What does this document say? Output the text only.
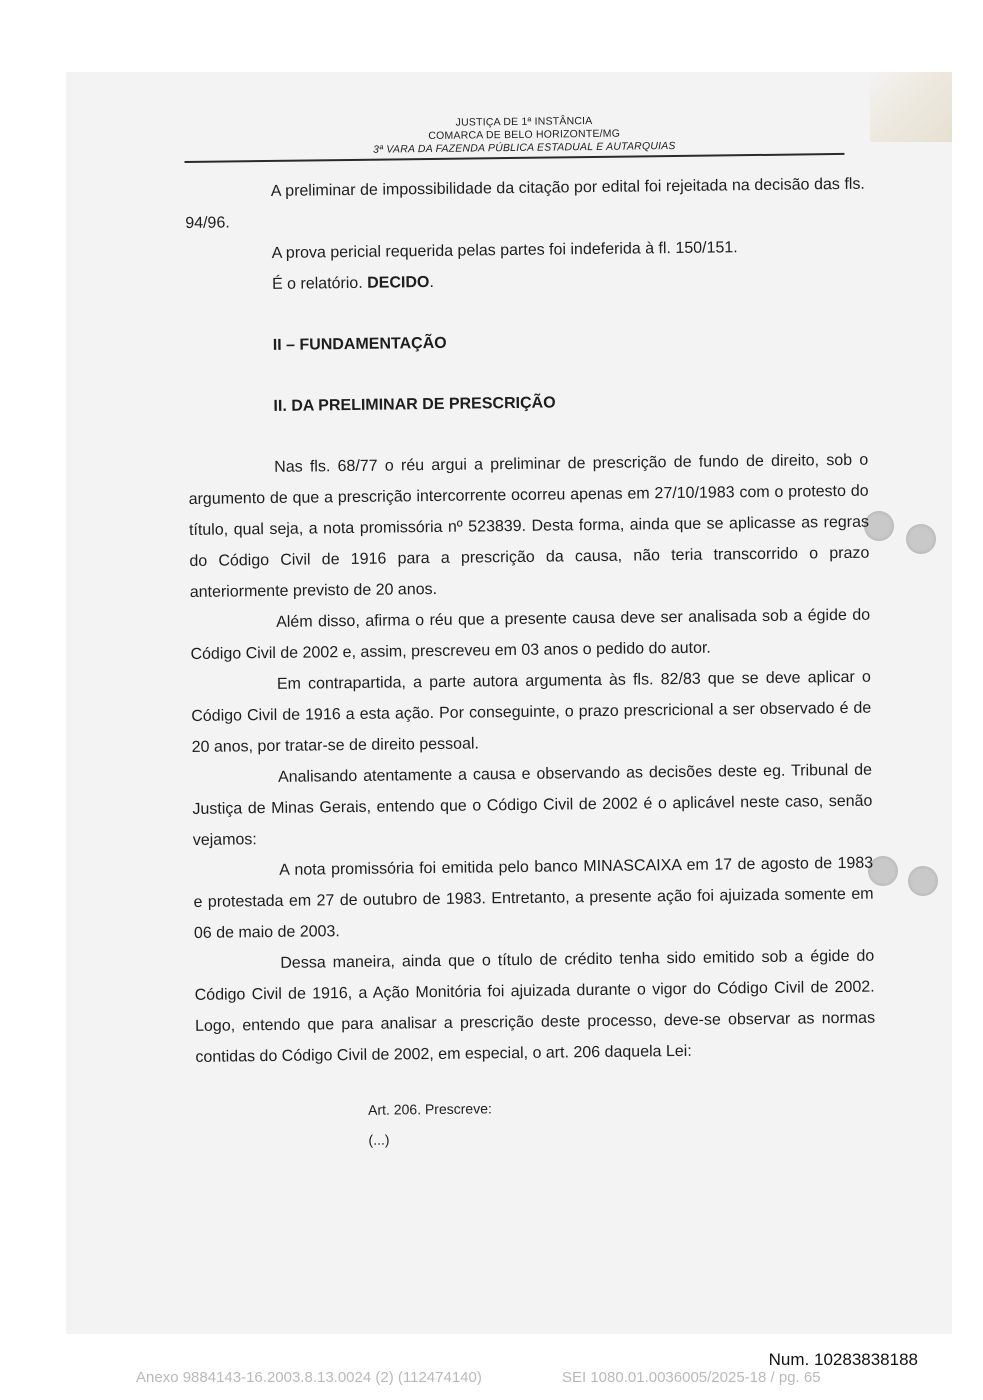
JUSTIÇA DE 1ª INSTÂNCIA
COMARCA DE BELO HORIZONTE/MG
3ª VARA DA FAZENDA PÚBLICA ESTADUAL E AUTARQUIAS

A preliminar de impossibilidade da citação por edital foi rejeitada na decisão das fls. 94/96.

A prova pericial requerida pelas partes foi indeferida à fl. 150/151.

É o relatório. DECIDO.

II – FUNDAMENTAÇÃO

II. DA PRELIMINAR DE PRESCRIÇÃO

Nas fls. 68/77 o réu argui a preliminar de prescrição de fundo de direito, sob o argumento de que a prescrição intercorrente ocorreu apenas em 27/10/1983 com o protesto do título, qual seja, a nota promissória nº 523839. Desta forma, ainda que se aplicasse as regras do Código Civil de 1916 para a prescrição da causa, não teria transcorrido o prazo anteriormente previsto de 20 anos.

Além disso, afirma o réu que a presente causa deve ser analisada sob a égide do Código Civil de 2002 e, assim, prescreveu em 03 anos o pedido do autor.

Em contrapartida, a parte autora argumenta às fls. 82/83 que se deve aplicar o Código Civil de 1916 a esta ação. Por conseguinte, o prazo prescricional a ser observado é de 20 anos, por tratar-se de direito pessoal.

Analisando atentamente a causa e observando as decisões deste eg. Tribunal de Justiça de Minas Gerais, entendo que o Código Civil de 2002 é o aplicável neste caso, senão vejamos:

A nota promissória foi emitida pelo banco MINASCAIXA em 17 de agosto de 1983 e protestada em 27 de outubro de 1983. Entretanto, a presente ação foi ajuizada somente em 06 de maio de 2003.

Dessa maneira, ainda que o título de crédito tenha sido emitido sob a égide do Código Civil de 1916, a Ação Monitória foi ajuizada durante o vigor do Código Civil de 2002. Logo, entendo que para analisar a prescrição deste processo, deve-se observar as normas contidas do Código Civil de 2002, em especial, o art. 206 daquela Lei:

Art. 206. Prescreve:

(...)

Num. 10283838188
Anexo 9884143-16.2003.8.13.0024 (2) (112474140)	SEI 1080.01.0036005/2025-18 / pg. 65
